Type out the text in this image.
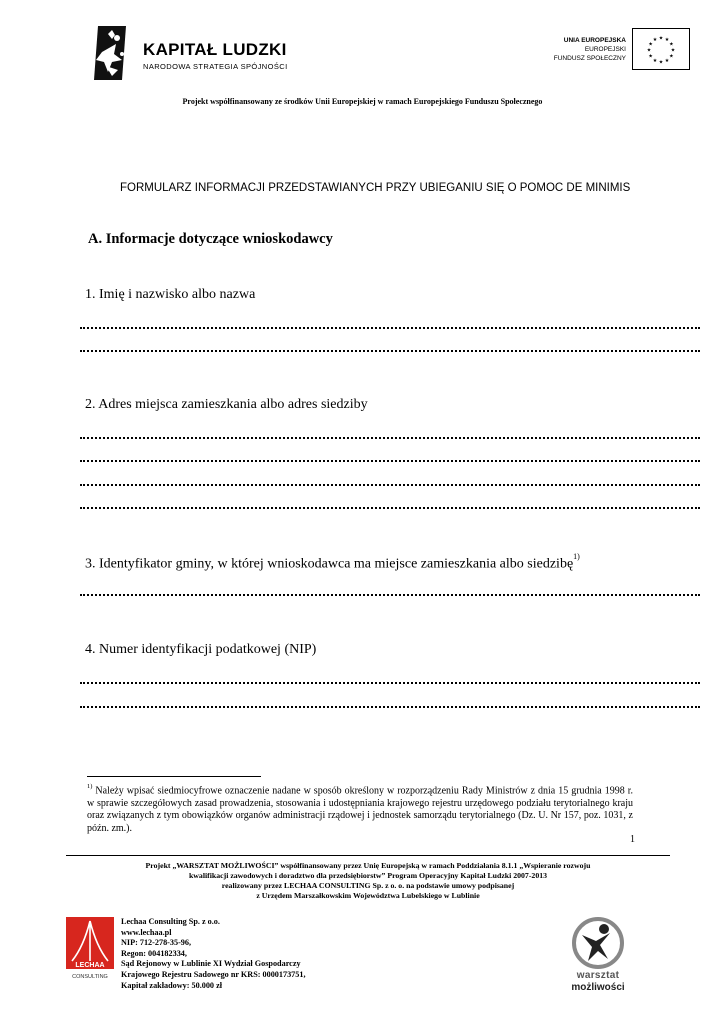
KAPITAŁ LUDZKI
NARODOWA STRATEGIA SPÓJNOŚCI
UNIA EUROPEJSKA
EUROPEJSKI
FUNDUSZ SPOŁECZNY
★
★
★
★
★
★
★
★
★ ★ ★
★
Projekt współfinansowany ze środków Unii Europejskiej w ramach Europejskiego Funduszu Społecznego
FORMULARZ INFORMACJI PRZEDSTAWIANYCH PRZY UBIEGANIU SIĘ O POMOC DE MINIMIS
A. Informacje dotyczące wnioskodawcy
1. Imię i nazwisko albo nazwa
2. Adres miejsca zamieszkania albo adres siedziby
3. Identyfikator gminy, w której wnioskodawca ma miejsce zamieszkania albo siedzibę$^{1)}$
4. Numer identyfikacji podatkowej (NIP)
$^{1)}$ Należy wpisać siedmiocyfrowe oznaczenie nadane w sposób określony w rozporządzeniu Rady Ministrów z dnia 15 grudnia 1998 r. w sprawie szczegółowych zasad prowadzenia, stosowania i udostępniania krajowego rejestru urzędowego podziału terytorialnego kraju oraz związanych z tym obowiązków organów administracji rządowej i jednostek samorządu terytorialnego (Dz. U. Nr 157, poz. 1031, z późn. zm.).
1
Projekt „WARSZTAT MOŻLIWOŚCI” współfinansowany przez Unię Europejską w ramach Poddziałania 8.1.1 „Wspieranie rozwoju
kwalifikacji zawodowych i doradztwo dla przedsiębiorstw” Program Operacyjny Kapitał Ludzki 2007-2013
realizowany przez LECHAA CONSULTING Sp. z o. o. na podstawie umowy podpisanej
z Urzędem Marszałkowskim Województwa Lubelskiego w Lublinie
LECHAA
CONSULTING
Lechaa Consulting Sp. z o.o.
www.lechaa.pl
NIP: 712-278-35-96,
Regon: 004182334,
Sąd Rejonowy w Lublinie XI Wydział Gospodarczy
Krajowego Rejestru Sadowego nr KRS: 0000173751,
Kapitał zakładowy: 50.000 zł
warsztat
możliwości
